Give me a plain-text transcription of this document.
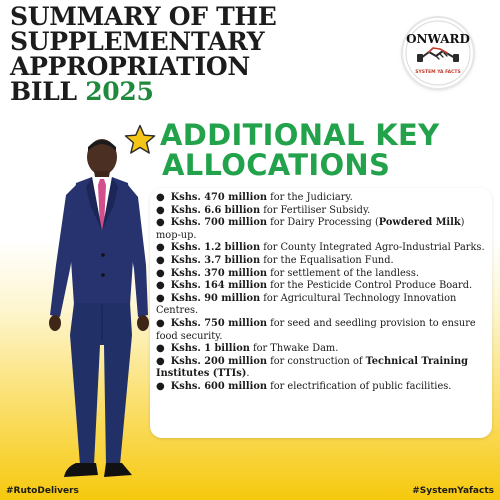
SUMMARY OF THE
SUPPLEMENTARY
APPROPRIATION
BILL 2025
ONWARD
SYSTEM YA FACTS
ADDITIONAL KEY
ALLOCATIONS
● Kshs. 470 million for the Judiciary.
● Kshs. 6.6 billion for Fertiliser Subsidy.
● Kshs. 700 million for Dairy Processing (Powdered Milk) mop-up.
● Kshs. 1.2 billion for County Integrated Agro-Industrial Parks.
● Kshs. 3.7 billion for the Equalisation Fund.
● Kshs. 370 million for settlement of the landless.
● Kshs. 164 million for the Pesticide Control Produce Board.
● Kshs. 90 million for Agricultural Technology Innovation Centres.
● Kshs. 750 million for seed and seedling provision to ensure food security.
● Kshs. 1 billion for Thwake Dam.
● Kshs. 200 million for construction of Technical Training Institutes (TTIs).
● Kshs. 600 million for electrification of public facilities.
#RutoDelivers	#SystemYafacts
